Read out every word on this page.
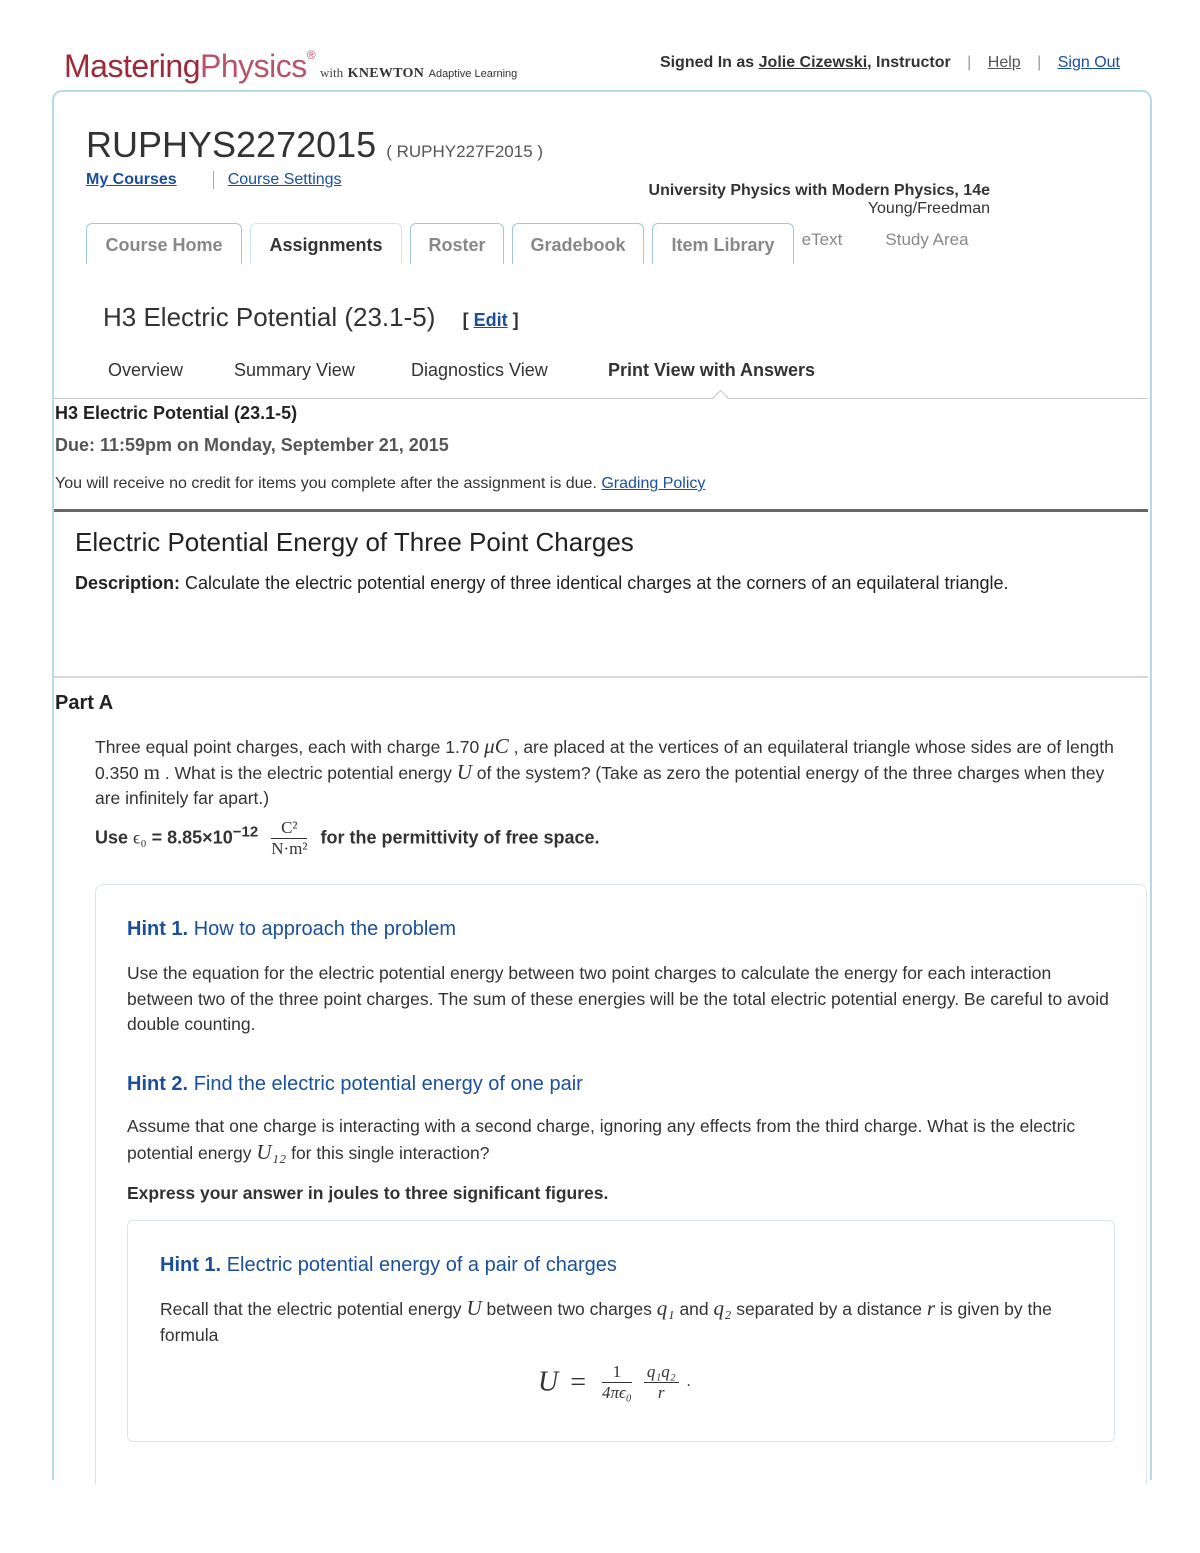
MasteringPhysics® with KNEWTON Adaptive Learning
Signed In as Jolie Cizewski, Instructor | Help | Sign Out
RUPHYS2272015 ( RUPHY227F2015 )
My Courses	Course Settings
University Physics with Modern Physics, 14e
Young/Freedman
Course Home	Assignments	Roster	Gradebook	Item Library	eText	Study Area
H3 Electric Potential (23.1-5) [ Edit ]
Overview	Summary View	Diagnostics View	Print View with Answers
H3 Electric Potential (23.1-5)
Due: 11:59pm on Monday, September 21, 2015
You will receive no credit for items you complete after the assignment is due. Grading Policy
Electric Potential Energy of Three Point Charges
Description: Calculate the electric potential energy of three identical charges at the corners of an equilateral triangle.
Part A
Three equal point charges, each with charge 1.70 μC , are placed at the vertices of an equilateral triangle whose sides are of length 0.350 m . What is the electric potential energy U of the system? (Take as zero the potential energy of the three charges when they are infinitely far apart.)
Use $\epsilon_0 = 8.85\times 10^{-12} \frac{\text{C²}}{\text{N·m²}}$ for the permittivity of free space.
Hint 1. How to approach the problem
Use the equation for the electric potential energy between two point charges to calculate the energy for each interaction between two of the three point charges. The sum of these energies will be the total electric potential energy. Be careful to avoid double counting.
Hint 2. Find the electric potential energy of one pair
Assume that one charge is interacting with a second charge, ignoring any effects from the third charge. What is the electric potential energy U₁₂ for this single interaction?
Express your answer in joules to three significant figures.
Hint 1. Electric potential energy of a pair of charges
Recall that the electric potential energy U between two charges q₁ and q₂ separated by a distance r is given by the formula
$U = \frac{1}{\text{4πϵ₀}}$
$\frac{\text{q₁q₂}}{r}$ .
